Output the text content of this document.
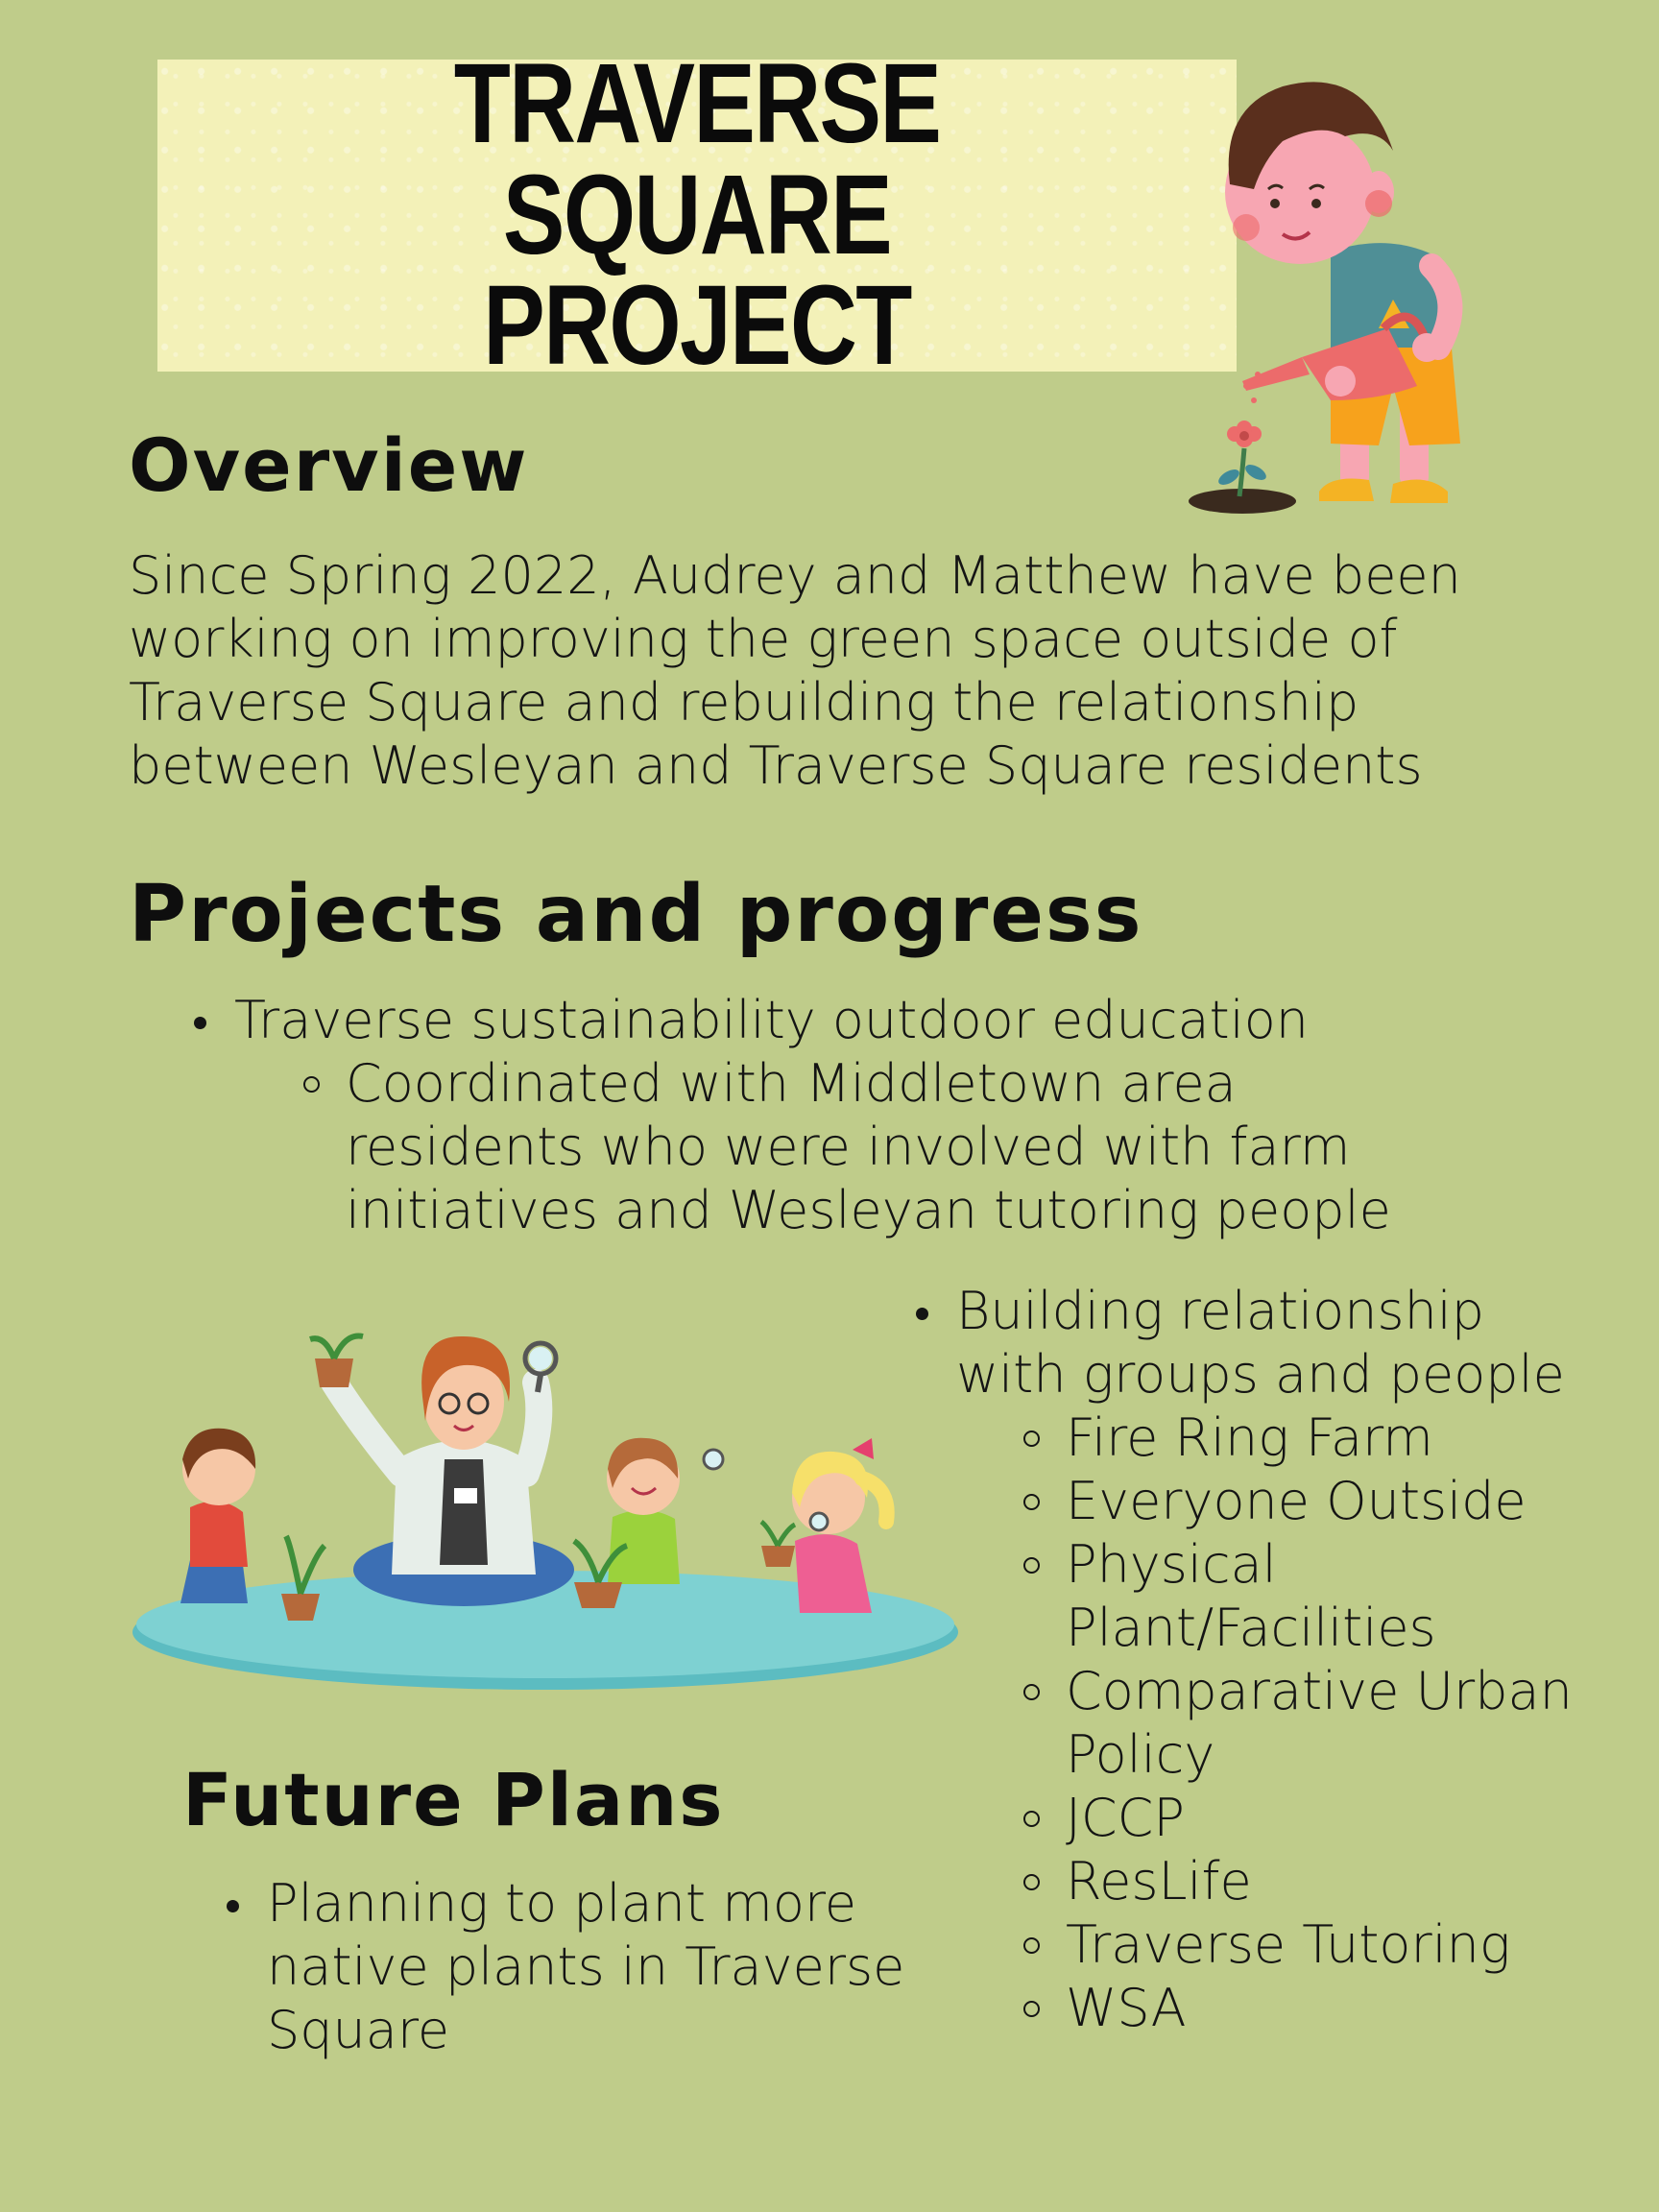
TRAVERSE SQUARE
PROJECT
Overview

Since Spring 2022, Audrey and Matthew have been

working on improving the green space outside of

Traverse Square and rebuilding the relationship

between Wesleyan and Traverse Square residents

Projects and progress

Traverse sustainability outdoor education

Coordinated with Middletown area

residents who were involved with farm

initiatives and Wesleyan tutoring people

Building relationship

with groups and people

Fire Ring Farm

Everyone Outside

Physical

Plant/Facilities

Comparative Urban

Policy

JCCP

ResLife

Traverse Tutoring

WSA

Future Plans

Planning to plant more

native plants in Traverse

Square
